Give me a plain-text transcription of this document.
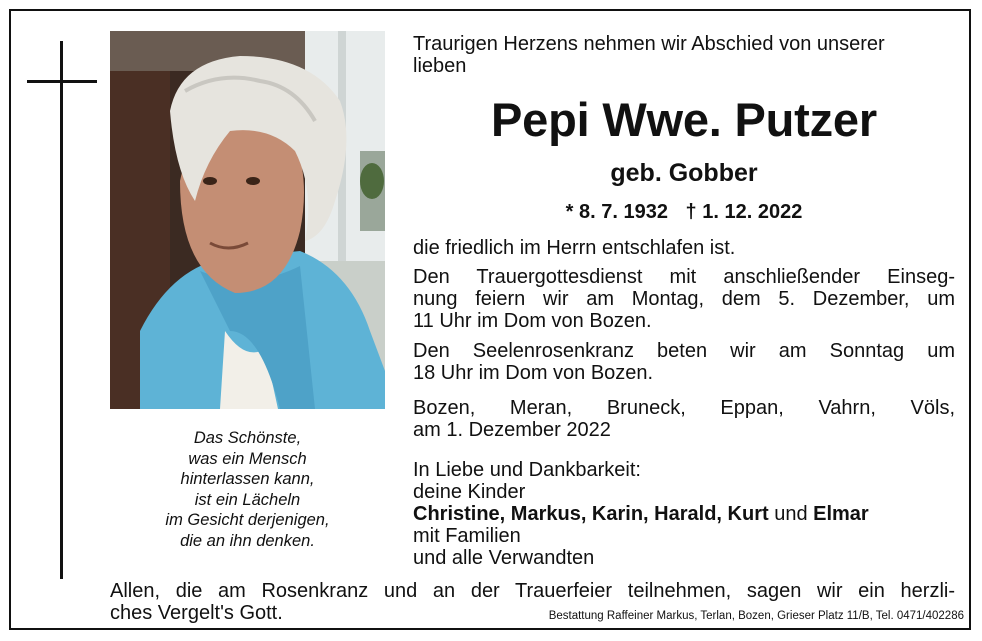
Das Schönste,
was ein Mensch
hinterlassen kann,
ist ein Lächeln
im Gesicht derjenigen,
die an ihn denken.
Traurigen Herzens nehmen wir Abschied von unserer
lieben
Pepi Wwe. Putzer
geb. Gobber
* 8. 7. 1932 † 1. 12. 2022
die friedlich im Herrn entschlafen ist.
Den Trauergottesdienst mit anschließender Einseg-
nung feiern wir am Montag, dem 5. Dezember, um
11 Uhr im Dom von Bozen.
Den Seelenrosenkranz beten wir am Sonntag um
18 Uhr im Dom von Bozen.
Bozen, Meran, Bruneck, Eppan, Vahrn, Völs,
am 1. Dezember 2022
In Liebe und Dankbarkeit:
deine Kinder
Christine, Markus, Karin, Harald, Kurt und Elmar
mit Familien
und alle Verwandten
Allen, die am Rosenkranz und an der Trauerfeier teilnehmen, sagen wir ein herzli-
ches Vergelt's Gott.	Bestattung Raffeiner Markus, Terlan, Bozen, Grieser Platz 11/B, Tel. 0471/402286
